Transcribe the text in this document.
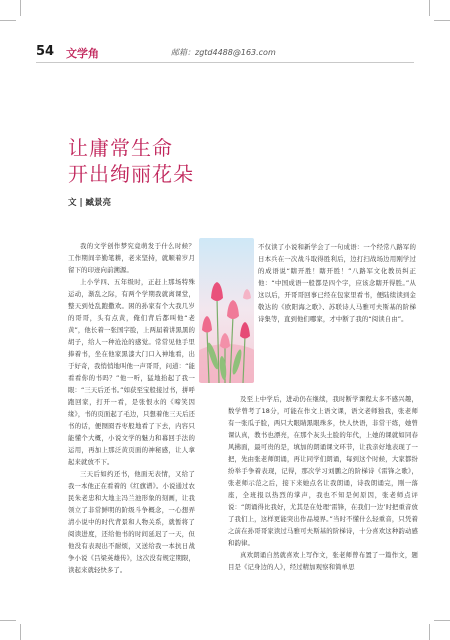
54 文学角	邮箱：zgtd4488@163.com
让庸常生命
开出绚丽花朵
文 | 臧景亮

我的文学创作梦究竟萌发于什么时候？工作期间辛勤笔耕，老来坚持，就顺着岁月留下的印迹向前溯源。

上小学四、五年级时，正赶上那场特殊运动，渐乱之际，有两个学期我就离课堂，整天到处乱跑撒欢。困的孙家有个大我几岁的哥哥，头有点黄，俺们背后都叫他“老黄”，他长着一张国字脸，上两届着讲黑黑的胡子，给人一种沧沧的感觉。常常见他手里捧着书，坐在他家黑漆大门口入神地看，出于好奇，我悄悄地叫他一声哥哥，问道：“能看看你的书吗？”他一听，猛地抬起了我一眼：“三天后还书。”如获至宝般接过书，拼呼跑回家，打开一看，是张恨水的《啼笑因缘》，书的页面起了毛边，只想着他三天后还书的话，便囫囵吞枣般地看了下去，内容只能懂个大概，小说文学的魅力和幕回手法的运用，再加上那泛黄页面的神秘感，让人拿起来就放不下。

三天后如约还书，他面无表情，又给了我一本他正在看着的《红旗谱》。小说通过农民朱老忠和大地主冯兰池形象的刻画，让我领立了非常鲜明的阶级斗争概念，一心想弄清小说中的时代背景和人物关系，就暂将了阅读进度，还给他书的时间延迟了一天，但他没有表现出不耐烦，又送给我一本抗日战争小说《吕梁英雄传》，这次没有规定期限，读起来就轻快多了。

不仅读了小说和新学会了一句成语：一个经常八路军的日本兵在一次战斗取得胜利后，边打扫战场边用刚学过的成语说“瞎开胜！瞎开胜！”八路军文化教员纠正他：“中国成语一般都是四个字，应该念瞎开得胜。”从这以后，开哥哥回事已经在包家里看书，便陆续读到金敬达的《欧阳海之歌》、苏联诗人马雅可夫斯基的阶梯诗集等，直到他们哪家，才中断了我的“阅读自由”。

及至上中学后，进动仍在继续，我时断学课程太多不感兴趣，数学曾考了18分，可能在作文上语文课，语文老师独我，张老师有一张瓜子脸，两只大眼睛黑眼珠多，快人快语，非常干练，她曾课认真，教书也漂亮，在那个灰头土脸的年代，上她的课就如同春风拂面，最可贵的是，填加的朗诵课文环节，让我亲好地表现了一把，先由张老师朗诵，再让同学们朗诵，每到这个时候，大家都纷纷举手争着表现，记得，那次学习刘鹏之的阶梯诗《雷锋之歌》，张老师示范之后，接下来她点名让我朗诵，诗我朗诵完，刚一落座，全班报以热烈的掌声，我也不知是何原因，张老师点评说：“朗诵得比我好，尤其是在处理‘雷锋，在我们一边’时把重音放了我们上，这样更能突出作品境界。”当时不懂什么轻重音，只凭着之前在孙哥哥家读过马雅可夫斯基的阶梯诗，十分喜欢这种韵动感和韵律。

真欢朗诵自然就喜欢上写作文，张老师曾布置了一篇作文，题目是《记身边的人》，经过精加观察和简单思
